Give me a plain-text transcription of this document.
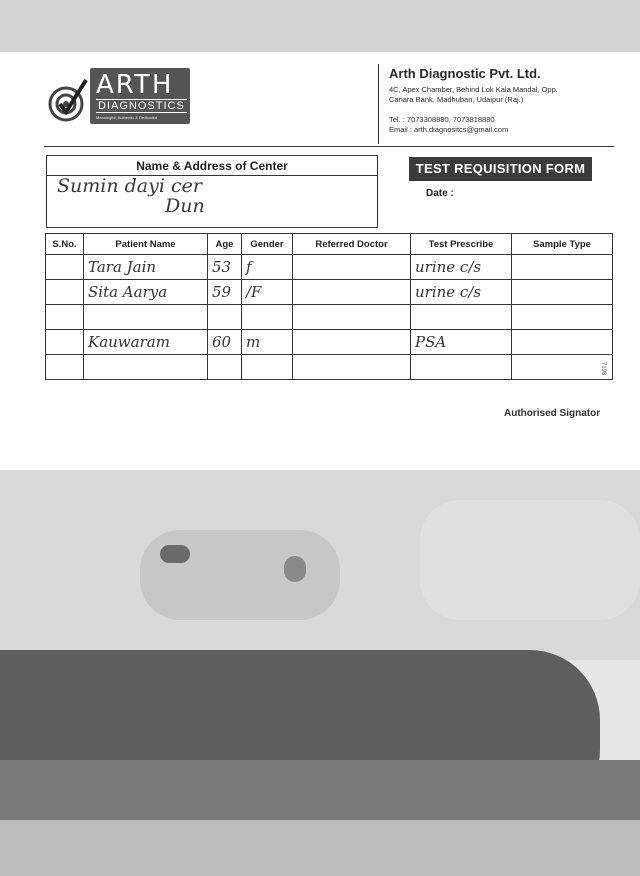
ARTH
DIAGNOSTICS
Meaningful, Authentic & Dedicated
Arth Diagnostic Pvt. Ltd.
4C, Apex Chamber, Behind Lok Kala Mandal, Opp. Canara Bank, Madhuban, Udaipur (Raj.)
Tel. : 7073308880, 7073818880
Email : arth.diagnositcs@gmail.com
Name & Address of Center
Sumin dayi cer
Dun
TEST REQUISITION FORM
Date :
S.No.	Patient Name	Age	Gender	Referred Doctor	Test Prescribe	Sample Type
	Tara Jain	53	f		urine c/s	
	Sita Aarya	59	/F		urine c/s	

	Kauwaram	60	m		PSA	

7198
Authorised Signator
